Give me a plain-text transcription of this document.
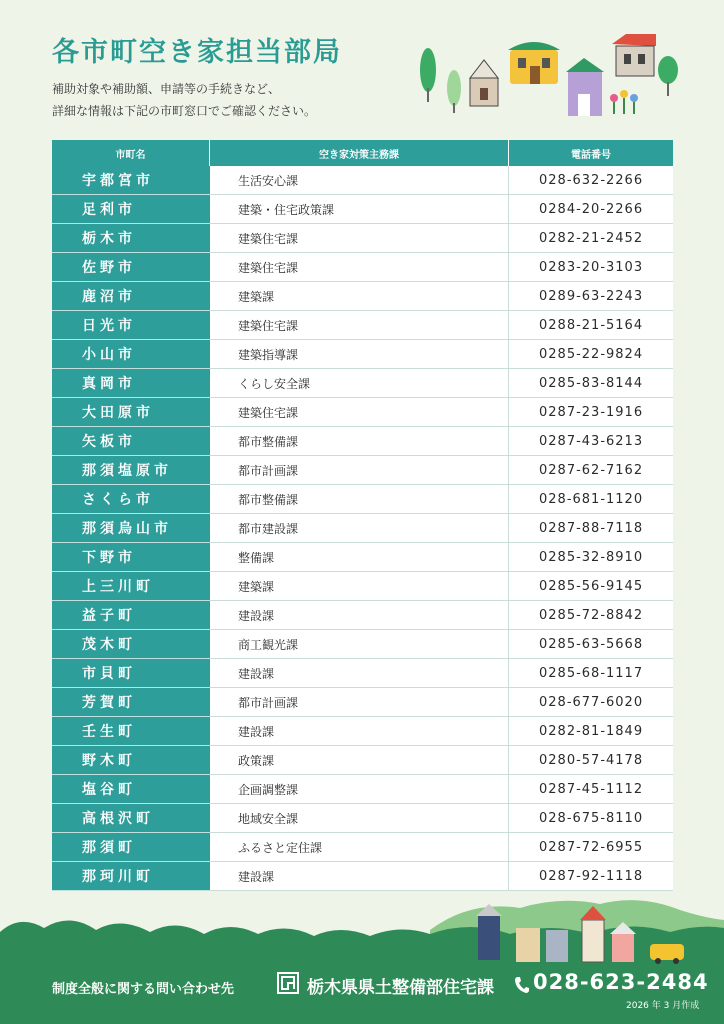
各市町空き家担当部局
補助対象や補助額、申請等の手続きなど、
詳細な情報は下記の市町窓口でご確認ください。
市町名	空き家対策主務課	電話番号
宇都宮市	生活安心課	028-632-2266
足利市	建築・住宅政策課	0284-20-2266
栃木市	建築住宅課	0282-21-2452
佐野市	建築住宅課	0283-20-3103
鹿沼市	建築課	0289-63-2243
日光市	建築住宅課	0288-21-5164
小山市	建築指導課	0285-22-9824
真岡市	くらし安全課	0285-83-8144
大田原市	建築住宅課	0287-23-1916
矢板市	都市整備課	0287-43-6213
那須塩原市	都市計画課	0287-62-7162
さくら市	都市整備課	028-681-1120
那須烏山市	都市建設課	0287-88-7118
下野市	整備課	0285-32-8910
上三川町	建築課	0285-56-9145
益子町	建設課	0285-72-8842
茂木町	商工観光課	0285-63-5668
市貝町	建設課	0285-68-1117
芳賀町	都市計画課	028-677-6020
壬生町	建設課	0282-81-1849
野木町	政策課	0280-57-4178
塩谷町	企画調整課	0287-45-1112
高根沢町	地域安全課	028-675-8110
那須町	ふるさと定住課	0287-72-6955
那珂川町	建設課	0287-92-1118
制度全般に関する問い合わせ先	栃木県県土整備部住宅課 028-623-2484
2026 年 3 月作成
